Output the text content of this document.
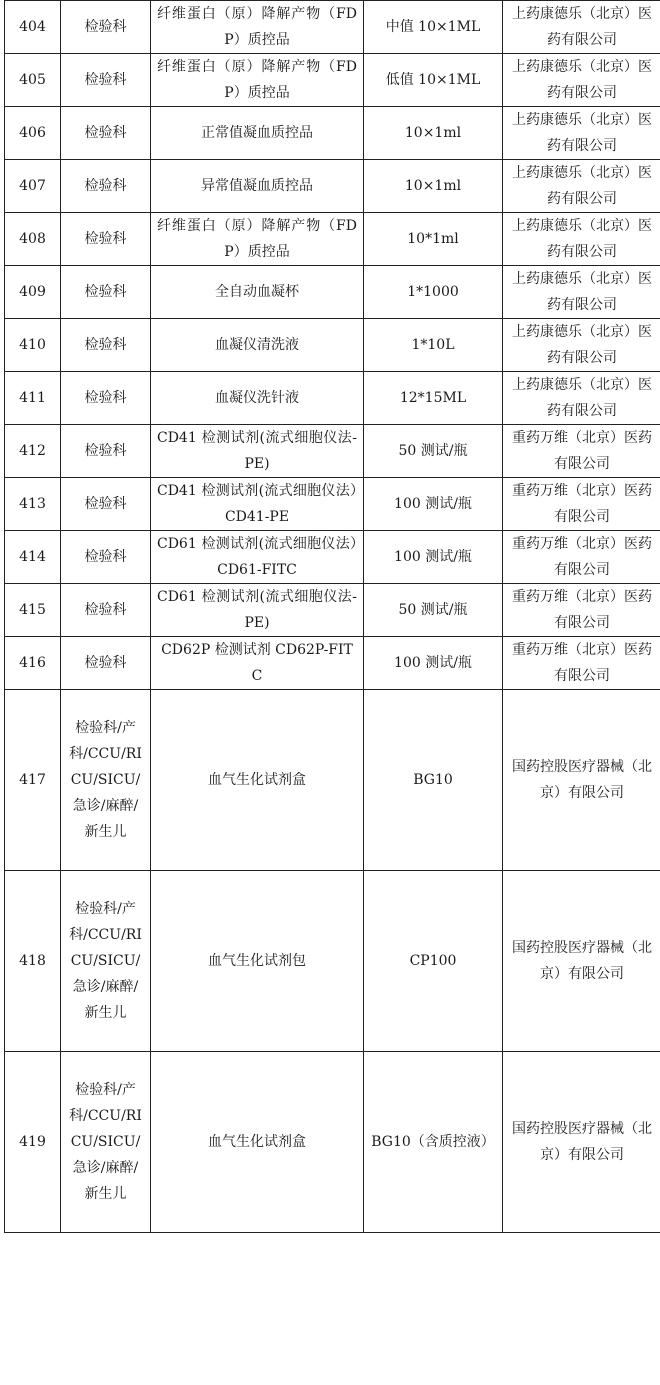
404	检验科	纤维蛋白（原）降解产物（FDP）质控品	中值 10×1ML	上药康德乐（北京）医药有限公司
405	检验科	纤维蛋白（原）降解产物（FDP）质控品	低值 10×1ML	上药康德乐（北京）医药有限公司
406	检验科	正常值凝血质控品	10×1ml	上药康德乐（北京）医药有限公司
407	检验科	异常值凝血质控品	10×1ml	上药康德乐（北京）医药有限公司
408	检验科	纤维蛋白（原）降解产物（FDP）质控品	10*1ml	上药康德乐（北京）医药有限公司
409	检验科	全自动血凝杯	1*1000	上药康德乐（北京）医药有限公司
410	检验科	血凝仪清洗液	1*10L	上药康德乐（北京）医药有限公司
411	检验科	血凝仪洗针液	12*15ML	上药康德乐（北京）医药有限公司
412	检验科	CD41 检测试剂(流式细胞仪法-PE)	50 测试/瓶	重药万维（北京）医药有限公司
413	检验科	CD41 检测试剂(流式细胞仪法）CD41-PE	100 测试/瓶	重药万维（北京）医药有限公司
414	检验科	CD61 检测试剂(流式细胞仪法）CD61-FITC	100 测试/瓶	重药万维（北京）医药有限公司
415	检验科	CD61 检测试剂(流式细胞仪法-PE)	50 测试/瓶	重药万维（北京）医药有限公司
416	检验科	CD62P 检测试剂 CD62P-FITC	100 测试/瓶	重药万维（北京）医药有限公司
417	检验科/产科/CCU/RICU/SICU/急诊/麻醉/新生儿	血气生化试剂盒	BG10	国药控股医疗器械（北京）有限公司
418	检验科/产科/CCU/RICU/SICU/急诊/麻醉/新生儿	血气生化试剂包	CP100	国药控股医疗器械（北京）有限公司
419	检验科/产科/CCU/RICU/SICU/急诊/麻醉/新生儿	血气生化试剂盒	BG10（含质控液）	国药控股医疗器械（北京）有限公司
